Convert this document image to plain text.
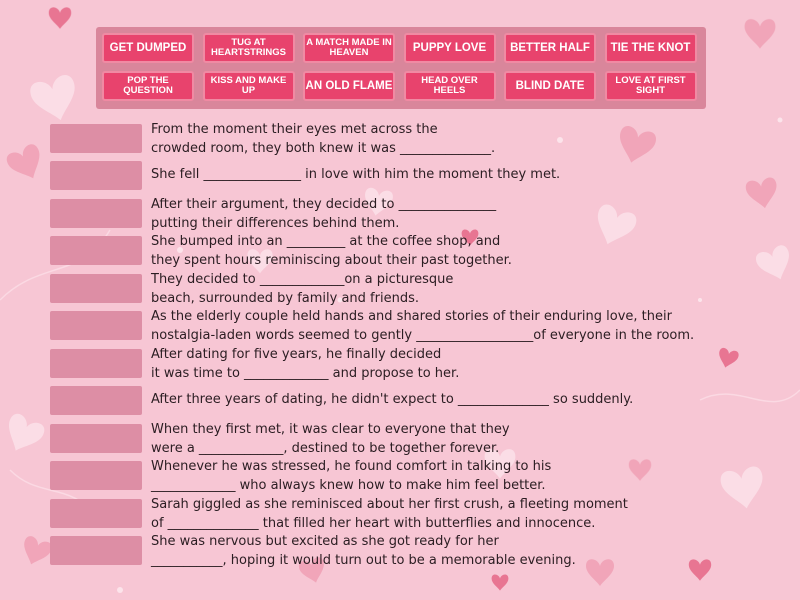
GET DUMPED	TUG AT HEARTSTRINGS
A MATCH MADE IN HEAVEN	PUPPY LOVE	BETTER HALF	TIE THE KNOT
POP THE QUESTION
KISS AND MAKE UP	AN OLD FLAME	HEAD OVER HEELS	BLIND DATE	LOVE AT FIRST SIGHT
From the moment their eyes met across the
crowded room, they both knew it was ______________.
She fell _______________ in love with him the moment they met.
After their argument, they decided to _______________
putting their differences behind them.
She bumped into an _________ at the coffee shop, and
they spent hours reminiscing about their past together.
They decided to _____________on a picturesque
beach, surrounded by family and friends.
As the elderly couple held hands and shared stories of their enduring love, their
nostalgia-laden words seemed to gently __________________of everyone in the room.
After dating for five years, he finally decided
it was time to _____________ and propose to her.
After three years of dating, he didn't expect to ______________ so suddenly.
When they first met, it was clear to everyone that they
were a _____________, destined to be together forever.
Whenever he was stressed, he found comfort in talking to his
_____________ who always knew how to make him feel better.
Sarah giggled as she reminisced about her first crush, a fleeting moment
of ______________ that filled her heart with butterflies and innocence.
She was nervous but excited as she got ready for her
___________, hoping it would turn out to be a memorable evening.
